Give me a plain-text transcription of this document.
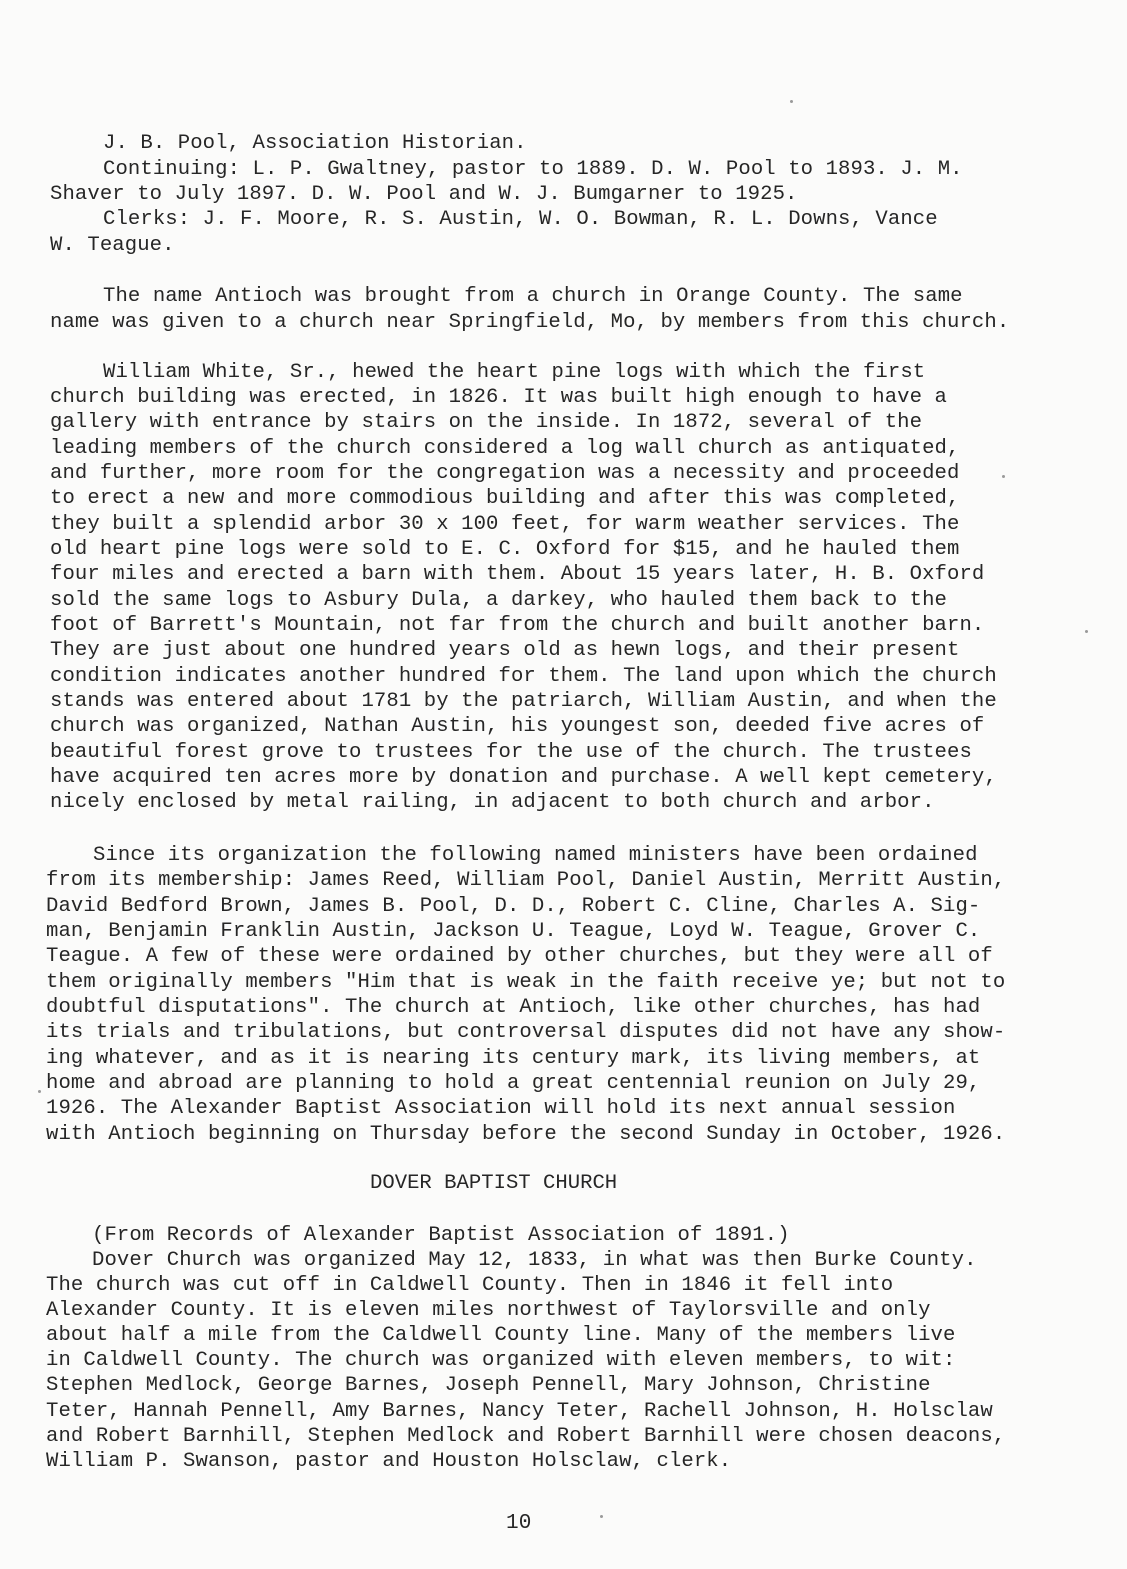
J. B. Pool, Association Historian.
Continuing: L. P. Gwaltney, pastor to 1889. D. W. Pool to 1893. J. M.
Shaver to July 1897. D. W. Pool and W. J. Bumgarner to 1925.
Clerks: J. F. Moore, R. S. Austin, W. O. Bowman, R. L. Downs, Vance
W. Teague.
The name Antioch was brought from a church in Orange County. The same
name was given to a church near Springfield, Mo, by members from this church.
William White, Sr., hewed the heart pine logs with which the first
church building was erected, in 1826. It was built high enough to have a
gallery with entrance by stairs on the inside. In 1872, several of the
leading members of the church considered a log wall church as antiquated,
and further, more room for the congregation was a necessity and proceeded
to erect a new and more commodious building and after this was completed,
they built a splendid arbor 30 x 100 feet, for warm weather services. The
old heart pine logs were sold to E. C. Oxford for $15, and he hauled them
four miles and erected a barn with them. About 15 years later, H. B. Oxford
sold the same logs to Asbury Dula, a darkey, who hauled them back to the
foot of Barrett's Mountain, not far from the church and built another barn.
They are just about one hundred years old as hewn logs, and their present
condition indicates another hundred for them. The land upon which the church
stands was entered about 1781 by the patriarch, William Austin, and when the
church was organized, Nathan Austin, his youngest son, deeded five acres of
beautiful forest grove to trustees for the use of the church. The trustees
have acquired ten acres more by donation and purchase. A well kept cemetery,
nicely enclosed by metal railing, in adjacent to both church and arbor.
Since its organization the following named ministers have been ordained
from its membership: James Reed, William Pool, Daniel Austin, Merritt Austin,
David Bedford Brown, James B. Pool, D. D., Robert C. Cline, Charles A. Sig-
man, Benjamin Franklin Austin, Jackson U. Teague, Loyd W. Teague, Grover C.
Teague. A few of these were ordained by other churches, but they were all of
them originally members "Him that is weak in the faith receive ye; but not to
doubtful disputations". The church at Antioch, like other churches, has had
its trials and tribulations, but controversal disputes did not have any show-
ing whatever, and as it is nearing its century mark, its living members, at
home and abroad are planning to hold a great centennial reunion on July 29,
1926. The Alexander Baptist Association will hold its next annual session
with Antioch beginning on Thursday before the second Sunday in October, 1926.
DOVER BAPTIST CHURCH
(From Records of Alexander Baptist Association of 1891.)
Dover Church was organized May 12, 1833, in what was then Burke County.
The church was cut off in Caldwell County. Then in 1846 it fell into
Alexander County. It is eleven miles northwest of Taylorsville and only
about half a mile from the Caldwell County line. Many of the members live
in Caldwell County. The church was organized with eleven members, to wit:
Stephen Medlock, George Barnes, Joseph Pennell, Mary Johnson, Christine
Teter, Hannah Pennell, Amy Barnes, Nancy Teter, Rachell Johnson, H. Holsclaw
and Robert Barnhill, Stephen Medlock and Robert Barnhill were chosen deacons,
William P. Swanson, pastor and Houston Holsclaw, clerk.
10
